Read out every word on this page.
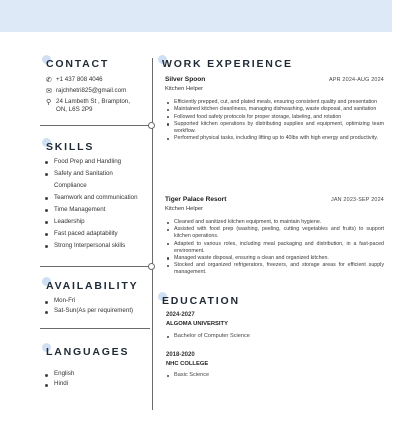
CONTACT
✆ +1 437 808 4046
✉ rajchhetri825@gmail.com
⚲ 24 Lambeth St , Brampton,
ON, L6S 2P9
SKILLS
Food Prep and Handling
Safety and Sanitation
Compliance
Teamwork and communication
Time Management
Leadership
Fast paced adaptability
Strong Interpersonal skills
AVAILABILITY
Mon-Fri
Sat-Sun(As per requirement)
LANGUAGES
English
Hindi
WORK EXPERIENCE
Silver Spoon	APR 2024-AUG 2024
Kitchen Helper
Efficiently prepped, cut, and plated meals, ensuring consistent quality and presentation
Maintained kitchen cleanliness, managing dishwashing, waste disposal, and sanitation
Followed food safety protocols for proper storage, labeling, and rotation
Supported kitchen operations by distributing supplies and equipment, optimizing team workflow.
Performed physical tasks, including lifting up to 40lbs with high energy and productivity.
Tiger Palace Resort	JAN 2023-SEP 2024
Kitchen Helper
Cleaned and sanitized kitchen equipment, to maintain hygiene.
Assisted with food prep (washing, peeling, cutting vegetables and fruits) to support kitchen operations.
Adapted to various roles, including meal packaging and distribution, in a fast-paced environment.
Managed waste disposal, ensuring a clean and organized kitchen.
Stocked and organized refrigerators, freezers, and storage areas for efficient supply management.
EDUCATION
2024-2027
ALGOMA UNIVERSITY
Bachelor of Computer Science
2018-2020
NHC COLLEGE
Basic Science
